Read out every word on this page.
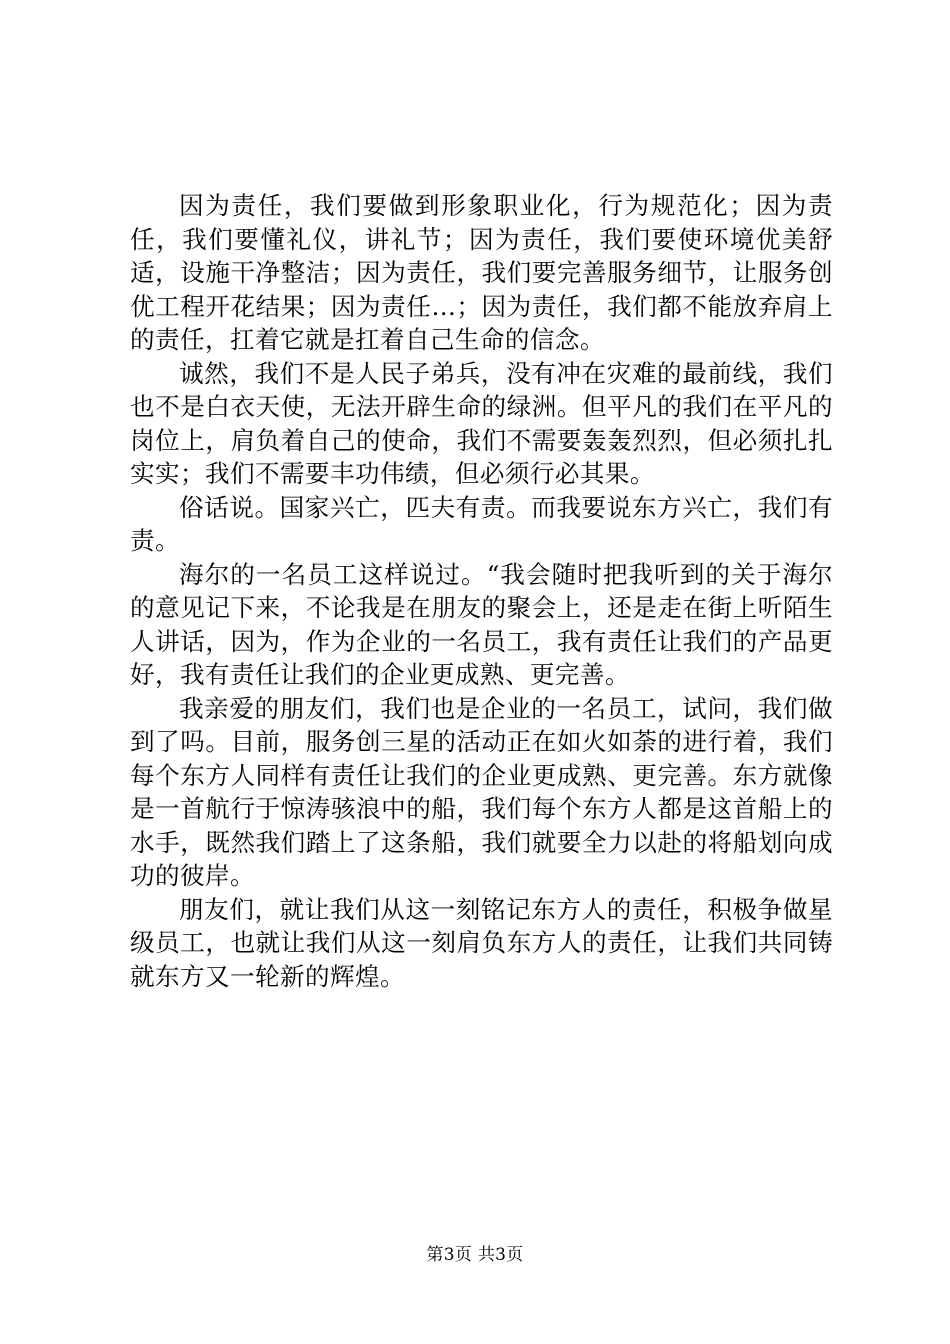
因为责任，我们要做到形象职业化，行为规范化；因为责任，我们要懂礼仪，讲礼节；因为责任，我们要使环境优美舒适，设施干净整洁；因为责任，我们要完善服务细节，让服务创优工程开花结果；因为责任…；因为责任，我们都不能放弃肩上的责任，扛着它就是扛着自己生命的信念。

诚然，我们不是人民子弟兵，没有冲在灾难的最前线，我们也不是白衣天使，无法开辟生命的绿洲。但平凡的我们在平凡的岗位上，肩负着自己的使命，我们不需要轰轰烈烈，但必须扎扎实实；我们不需要丰功伟绩，但必须行必其果。

俗话说。国家兴亡，匹夫有责。而我要说东方兴亡，我们有责。

海尔的一名员工这样说过。“我会随时把我听到的关于海尔的意见记下来，不论我是在朋友的聚会上，还是走在街上听陌生人讲话，因为，作为企业的一名员工，我有责任让我们的产品更好，我有责任让我们的企业更成熟、更完善。

我亲爱的朋友们，我们也是企业的一名员工，试问，我们做到了吗。目前，服务创三星的活动正在如火如荼的进行着，我们每个东方人同样有责任让我们的企业更成熟、更完善。东方就像是一首航行于惊涛骇浪中的船，我们每个东方人都是这首船上的水手，既然我们踏上了这条船，我们就要全力以赴的将船划向成功的彼岸。

朋友们，就让我们从这一刻铭记东方人的责任，积极争做星级员工，也就让我们从这一刻肩负东方人的责任，让我们共同铸就东方又一轮新的辉煌。

第3页 共3页
